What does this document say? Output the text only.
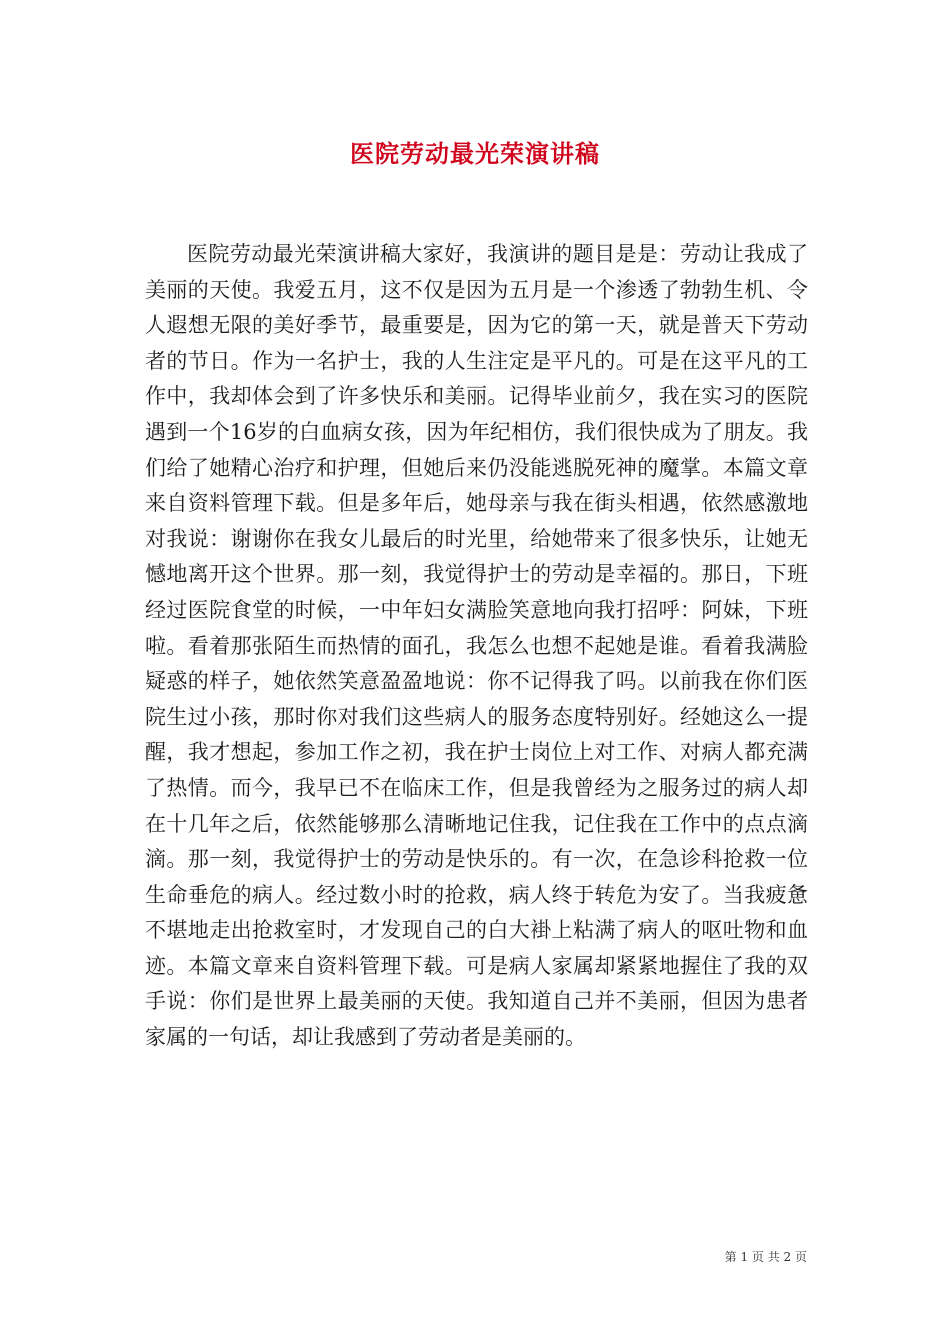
医院劳动最光荣演讲稿

医院劳动最光荣演讲稿大家好，我演讲的题目是是：劳动让我成了美丽的天使。我爱五月，这不仅是因为五月是一个渗透了勃勃生机、令人遐想无限的美好季节，最重要是，因为它的第一天，就是普天下劳动者的节日。作为一名护士，我的人生注定是平凡的。可是在这平凡的工作中，我却体会到了许多快乐和美丽。记得毕业前夕，我在实习的医院遇到一个16岁的白血病女孩，因为年纪相仿，我们很快成为了朋友。我们给了她精心治疗和护理，但她后来仍没能逃脱死神的魔掌。本篇文章来自资料管理下载。但是多年后，她母亲与我在街头相遇，依然感激地对我说：谢谢你在我女儿最后的时光里，给她带来了很多快乐，让她无憾地离开这个世界。那一刻，我觉得护士的劳动是幸福的。那日，下班经过医院食堂的时候，一中年妇女满脸笑意地向我打招呼：阿妹，下班啦。看着那张陌生而热情的面孔，我怎么也想不起她是谁。看着我满脸疑惑的样子，她依然笑意盈盈地说：你不记得我了吗。以前我在你们医院生过小孩，那时你对我们这些病人的服务态度特别好。经她这么一提醒，我才想起，参加工作之初，我在护士岗位上对工作、对病人都充满了热情。而今，我早已不在临床工作，但是我曾经为之服务过的病人却在十几年之后，依然能够那么清晰地记住我，记住我在工作中的点点滴滴。那一刻，我觉得护士的劳动是快乐的。有一次，在急诊科抢救一位生命垂危的病人。经过数小时的抢救，病人终于转危为安了。当我疲惫不堪地走出抢救室时，才发现自己的白大褂上粘满了病人的呕吐物和血迹。本篇文章来自资料管理下载。可是病人家属却紧紧地握住了我的双手说：你们是世界上最美丽的天使。我知道自己并不美丽，但因为患者家属的一句话，却让我感到了劳动者是美丽的。

第 1 页 共 2 页
